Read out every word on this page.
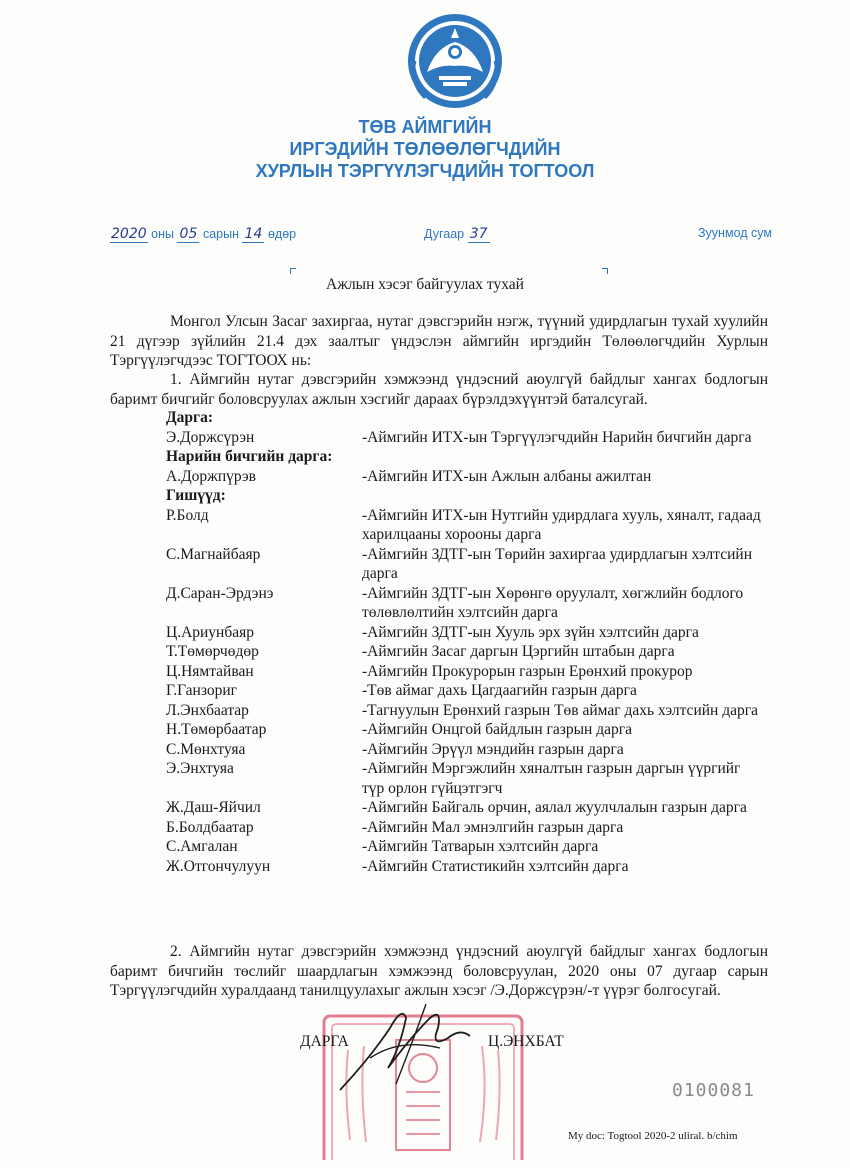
ТӨВ АЙМГИЙН
ИРГЭДИЙН ТӨЛӨӨЛӨГЧДИЙН
ХУРЛЫН ТЭРГҮҮЛЭГЧДИЙН ТОГТООЛ
2020 оны 05 сарын 14 өдөр	Дугаар 37	Зуунмод сум
Ажлын хэсэг байгуулах тухай
Монгол Улсын Засаг захиргаа, нутаг дэвсгэрийн нэгж, түүний удирдлагын тухай хуулийн 21 дүгээр зүйлийн 21.4 дэх заалтыг үндэслэн аймгийн иргэдийн Төлөөлөгчдийн Хурлын Тэргүүлэгчдээс ТОГТООХ нь:
1. Аймгийн нутаг дэвсгэрийн хэмжээнд үндэсний аюулгүй байдлыг хангах бодлогын баримт бичгийг боловсруулах ажлын хэсгийг дараах бүрэлдэхүүнтэй баталсугай.
Дарга:
Э.Доржсүрэн	-Аймгийн ИТХ-ын Тэргүүлэгчдийн Нарийн бичгийн дарга
Нарийн бичгийн дарга:
А.Доржпүрэв	-Аймгийн ИТХ-ын Ажлын албаны ажилтан
Гишүүд:
Р.Болд	-Аймгийн ИТХ-ын Нутгийн удирдлага хууль, хяналт, гадаад харилцааны хорооны дарга
С.Магнайбаяр	-Аймгийн ЗДТГ-ын Төрийн захиргаа удирдлагын хэлтсийн дарга
Д.Саран-Эрдэнэ	-Аймгийн ЗДТГ-ын Хөрөнгө оруулалт, хөгжлийн бодлого төлөвлөлтийн хэлтсийн дарга
Ц.Ариунбаяр	-Аймгийн ЗДТГ-ын Хууль эрх зүйн хэлтсийн дарга
Т.Төмөрчөдөр	-Аймгийн Засаг даргын Цэргийн штабын дарга
Ц.Нямтайван	-Аймгийн Прокурорын газрын Ерөнхий прокурор
Г.Ганзориг	-Төв аймаг дахь Цагдаагийн газрын дарга
Л.Энхбаатар	-Тагнуулын Ерөнхий газрын Төв аймаг дахь хэлтсийн дарга
Н.Төмөрбаатар	-Аймгийн Онцгой байдлын газрын дарга
С.Мөнхтуяа	-Аймгийн Эрүүл мэндийн газрын дарга
Э.Энхтуяа	-Аймгийн Мэргэжлийн хяналтын газрын даргын үүргийг түр орлон гүйцэтгэгч
Ж.Даш-Яйчил	-Аймгийн Байгаль орчин, аялал жуулчлалын газрын дарга
Б.Болдбаатар	-Аймгийн Мал эмнэлгийн газрын дарга
С.Амгалан	-Аймгийн Татварын хэлтсийн дарга
Ж.Отгончулуун	-Аймгийн Статистикийн хэлтсийн дарга
2. Аймгийн нутаг дэвсгэрийн хэмжээнд үндэсний аюулгүй байдлыг хангах бодлогын баримт бичгийн төслийг шаардлагын хэмжээнд боловсруулан, 2020 оны 07 дугаар сарын Тэргүүлэгчдийн хуралдаанд танилцуулахыг ажлын хэсэг /Э.Доржсүрэн/-т үүрэг болгосугай.
ДАРГА	Ц.ЭНХБАТ
0100081
My doc: Togtool 2020-2 uliral. b/chim
